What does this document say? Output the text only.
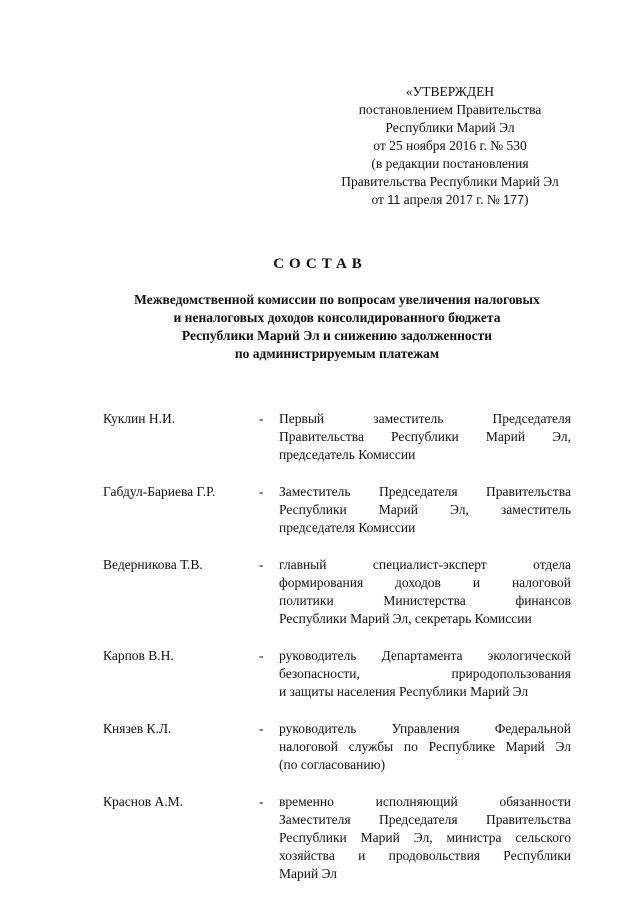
«УТВЕРЖДЕН
постановлением Правительства
Республики Марий Эл
от 25 ноября 2016 г. № 530
(в редакции постановления
Правительства Республики Марий Эл
от 11 апреля 2017 г. № 177)
СОСТАВ
Межведомственной комиссии по вопросам увеличения налоговых
и неналоговых доходов консолидированного бюджета
Республики Марий Эл и снижению задолженности
по администрируемым платежам
Куклин Н.И.	- Первый заместитель Председателя
Правительства Республики Марий Эл,
председатель Комиссии
Габдул-Бариева Г.Р.	- Заместитель Председателя Правительства
Республики Марий Эл, заместитель
председателя Комиссии
Ведерникова Т.В.	- главный специалист-эксперт отдела
формирования доходов и налоговой
политики Министерства финансов
Республики Марий Эл, секретарь Комиссии
Карпов В.Н.	- руководитель Департамента экологической
безопасности, природопользования
и защиты населения Республики Марий Эл
Князев К.Л.	- руководитель Управления Федеральной
налоговой службы по Республике Марий Эл
(по согласованию)
Краснов А.М.	- временно исполняющий обязанности
Заместителя Председателя Правительства
Республики Марий Эл, министра сельского
хозяйства и продовольствия Республики
Марий Эл
